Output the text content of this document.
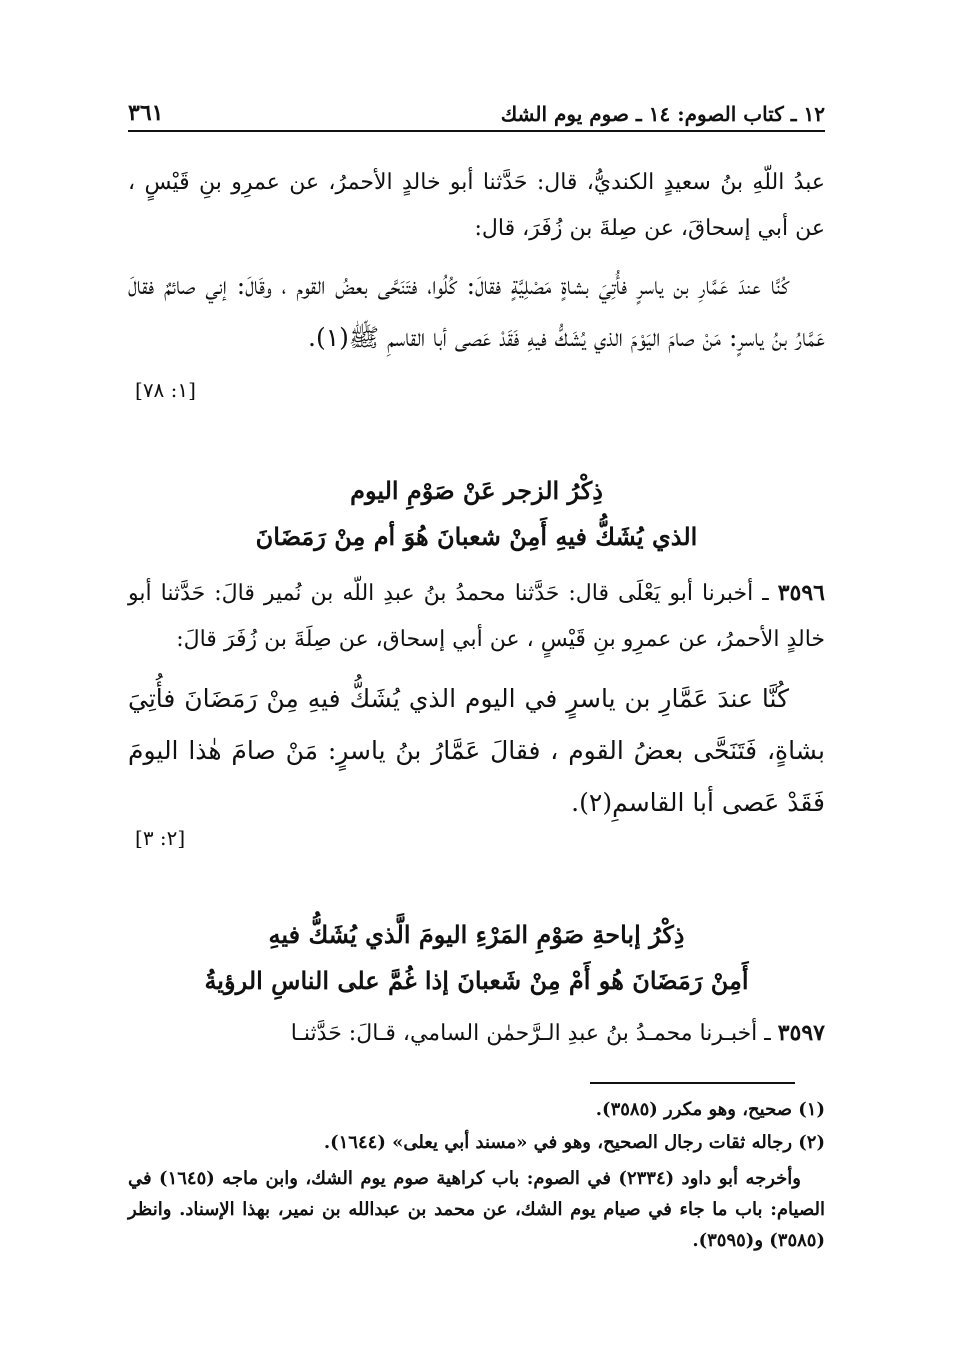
١٢ ـ كتاب الصوم: ١٤ ـ صوم يوم الشك
٣٦١

عبدُ اللّهِ بنُ سعيدٍ الكنديُّ، قال: حَدَّثنا أبو خالدٍ الأحمرُ، عن عمرِو بنِ قَيْسٍ ، عن أبي إسحاقَ، عن صِلةَ بن زُفَرَ، قال:

كُنَّا عندَ عَمَّارِ بن ياسرٍ فأُتِيَ بشاةٍ مَصْلِيَّةٍ فقالَ: كُلُوا، فتَنَحَّى بعضُ القوم ، وقَالَ: إني صائمٌ فقالَ عَمَّارُ بنُ ياسرٍ: مَنْ صامَ اليَوْمَ الذي يُشَكُّ فيهِ فَقَدْ عَصى أبا القاسمِ ﷺ(١).

[١: ٧٨]
ذِكْرُ الزجر عَنْ صَوْمِ اليوم
الذي يُشَكُّ فيهِ أَمِنْ شعبانَ هُوَ أم مِنْ رَمَضَانَ

٣٥٩٦ ـ أخبرنا أبو يَعْلَى قال: حَدَّثنا محمدُ بنُ عبدِ اللّه بن نُمير قالَ: حَدَّثنا أبو خالدٍ الأحمرُ، عن عمرِو بنِ قَيْسٍ ، عن أبي إسحاق، عن صِلَةَ بن زُفَرَ قالَ:

كُنَّا عندَ عَمَّارِ بن ياسرٍ في اليوم الذي يُشَكُّ فيهِ مِنْ رَمَضَانَ فأُتِيَ بشاةٍ، فَتَنَحَّى بعضُ القوم ، فقالَ عَمَّارُ بنُ ياسرٍ: مَنْ صامَ هٰذا اليومَ فَقَدْ عَصى أبا القاسمِ(٢).

[٢: ٣]
ذِكْرُ إباحةِ صَوْمِ المَرْءِ اليومَ الَّذي يُشَكُّ فيهِ
أَمِنْ رَمَضَانَ هُو أَمْ مِنْ شَعبانَ إذا غُمَّ على الناسِ الرؤيةُ

٣٥٩٧ ـ أخبـرنا محمـدُ بنُ عبدِ الـرَّحمٰن السامي، قـالَ: حَدَّثنـا

(١) صحيح، وهو مكرر (٣٥٨٥).

(٢) رجاله ثقات رجال الصحيح، وهو في «مسند أبي يعلى» (١٦٤٤).

وأخرجه أبو داود (٢٣٣٤) في الصوم: باب كراهية صوم يوم الشك، وابن ماجه (١٦٤٥) في الصيام: باب ما جاء في صيام يوم الشك، عن محمد بن عبدالله بن نمير، بهذا الإسناد. وانظر (٣٥٨٥) و(٣٥٩٥).
